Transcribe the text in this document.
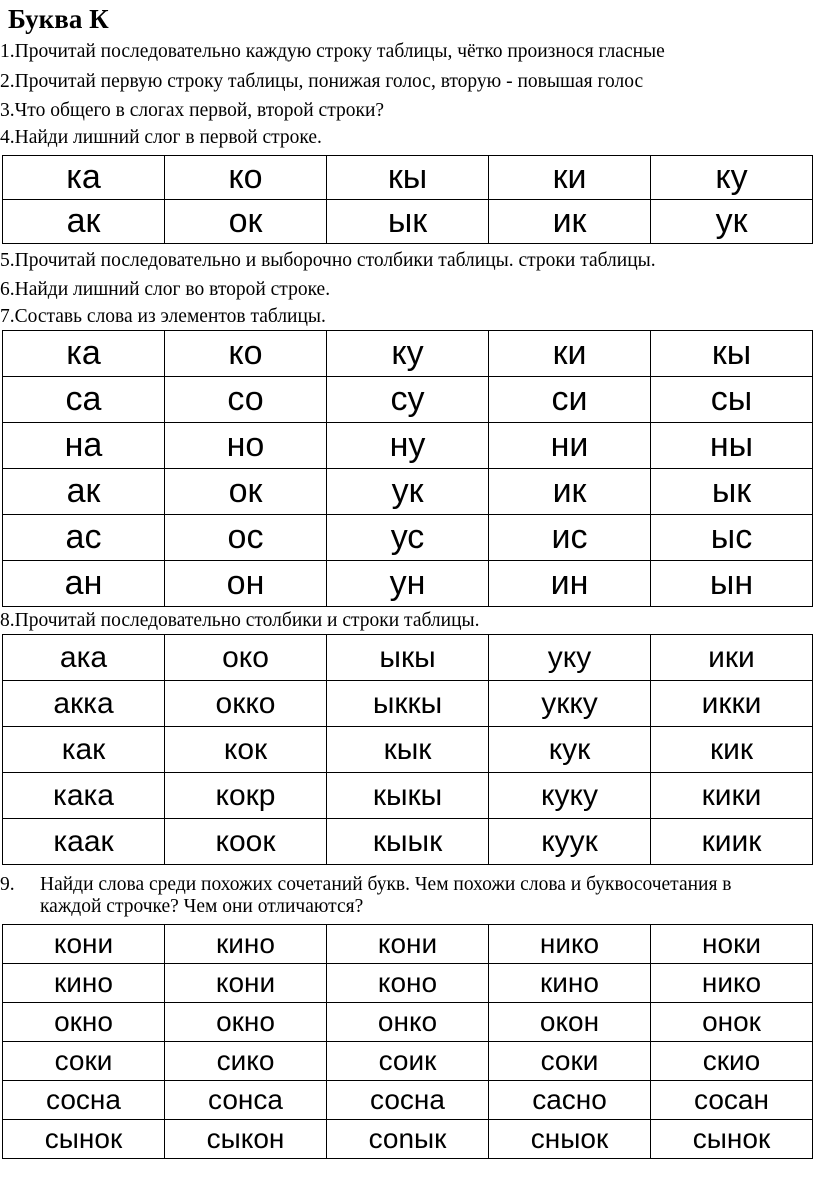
Буква К
1.Прочитай последовательно каждую строку таблицы, чётко произнося гласные
2.Прочитай первую строку таблицы, понижая голос, вторую - повышая голос
3.Что общего в слогах первой, второй строки?
4.Найди лишний слог в первой строке.
ка	ко	кы	ки	ку
ак	ок	ык	ик	ук
5.Прочитай последовательно и выборочно столбики таблицы. строки таблицы.
6.Найди лишний слог во второй строке.
7.Составь слова из элементов таблицы.
ка	ко	ку	ки	кы
са	со	су	си	сы
на	но	ну	ни	ны
ак	ок	ук	ик	ык
ас	ос	ус	ис	ыс
ан	он	ун	ин	ын
8.Прочитай последовательно столбики и строки таблицы.
ака	око	ыкы	уку	ики
акка	окко	ыккы	укку	икки
как	кок	кык	кук	кик
кака	кокр	кыкы	куку	кики
каак	коок	кыык	куук	киик
9. Найди слова среди похожих сочетаний букв. Чем похожи слова и буквосочетания в каждой строчке? Чем они отличаются?
кони	кино	кони	нико	ноки
кино	кони	коно	кино	нико
окно	окно	онко	окон	онок
соки	сико	соик	соки	скио
сосна	сонса	сосна	сасно	сосан
сынок	сыкон	соnык	сныок	сынок
